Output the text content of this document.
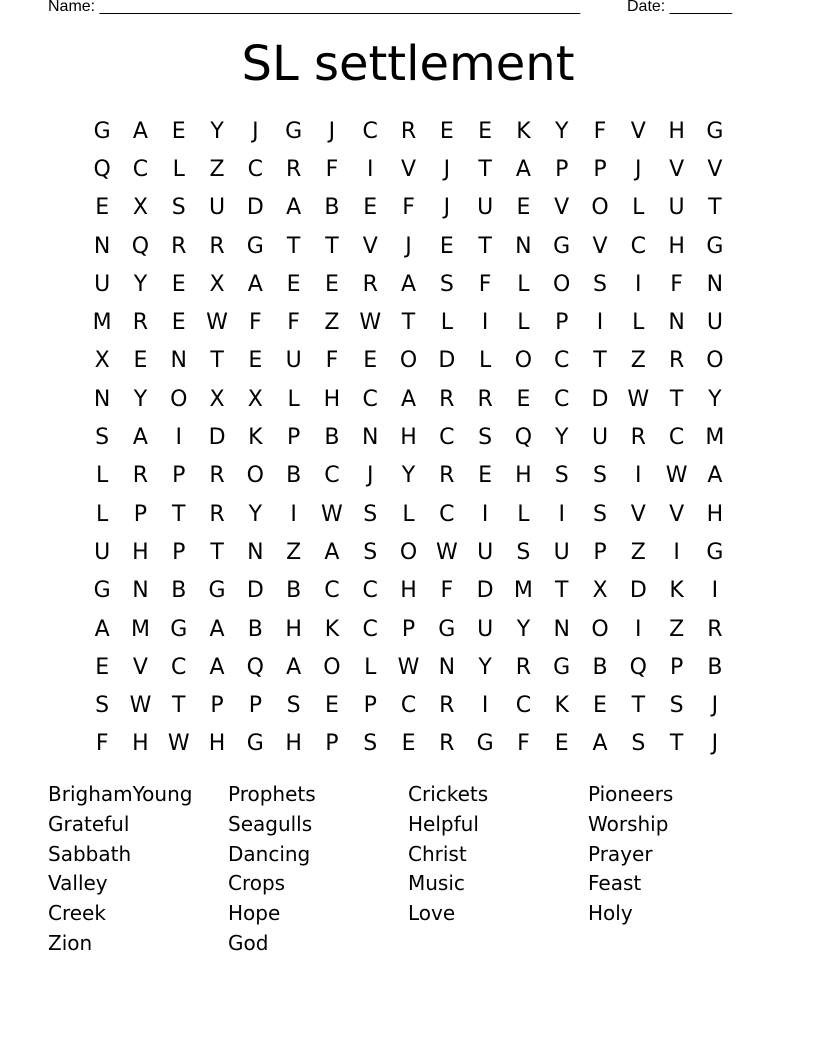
Name: ______________________________________________________	Date: _______
SL settlement
G	A	E	Y	J	G	J	C	R	E	E	K	Y	F	V	H G
Q C	L	Z	C	R	F	I	V	J	T	A	P	P	J	V	V
E	X	S	U D	A	B	E	F	J	U	E	V	O	L	U	T
N Q R	R	G	T	T	V	J	E	T	N G	V	C	H G
U	Y	E	X	A	E	E	R	A	S	F	L	O	S	I	F	N
M R	E W F	F	Z W T	L	I	L	P	I	L	N	U
X	E	N	T	E	U	F	E	O D	L	O C	T	Z	R O
N	Y	O	X	X	L	H	C	A	R	R	E	C	D W T	Y
S	A	I	D	K	P	B	N H	C	S	Q	Y	U	R	C M
L	R	P	R O	B	C	J	Y	R	E	H	S	S	I	W A
L	P	T	R	Y	I	W S	L	C	I	L	I	S	V	V	H
U H	P	T	N	Z	A	S	O W U	S	U	P	Z	I	G
G N	B	G D	B	C	C	H	F	D M	T	X	D	K	I
A M G	A	B	H	K	C	P	G U	Y	N O	I	Z	R
E	V	C	A	Q	A	O	L W N	Y	R	G	B	Q	P	B
S W T	P	P	S	E	P	C	R	I	C	K	E	T	S	J
F	H W H G H	P	S	E	R	G	F	E	A	S	T	J
BrighamYoung	Prophets	Crickets	Pioneers
Grateful	Seagulls	Helpful	Worship
Sabbath	Dancing	Christ	Prayer
Valley	Crops	Music	Feast
Creek	Hope	Love	Holy
Zion	God
